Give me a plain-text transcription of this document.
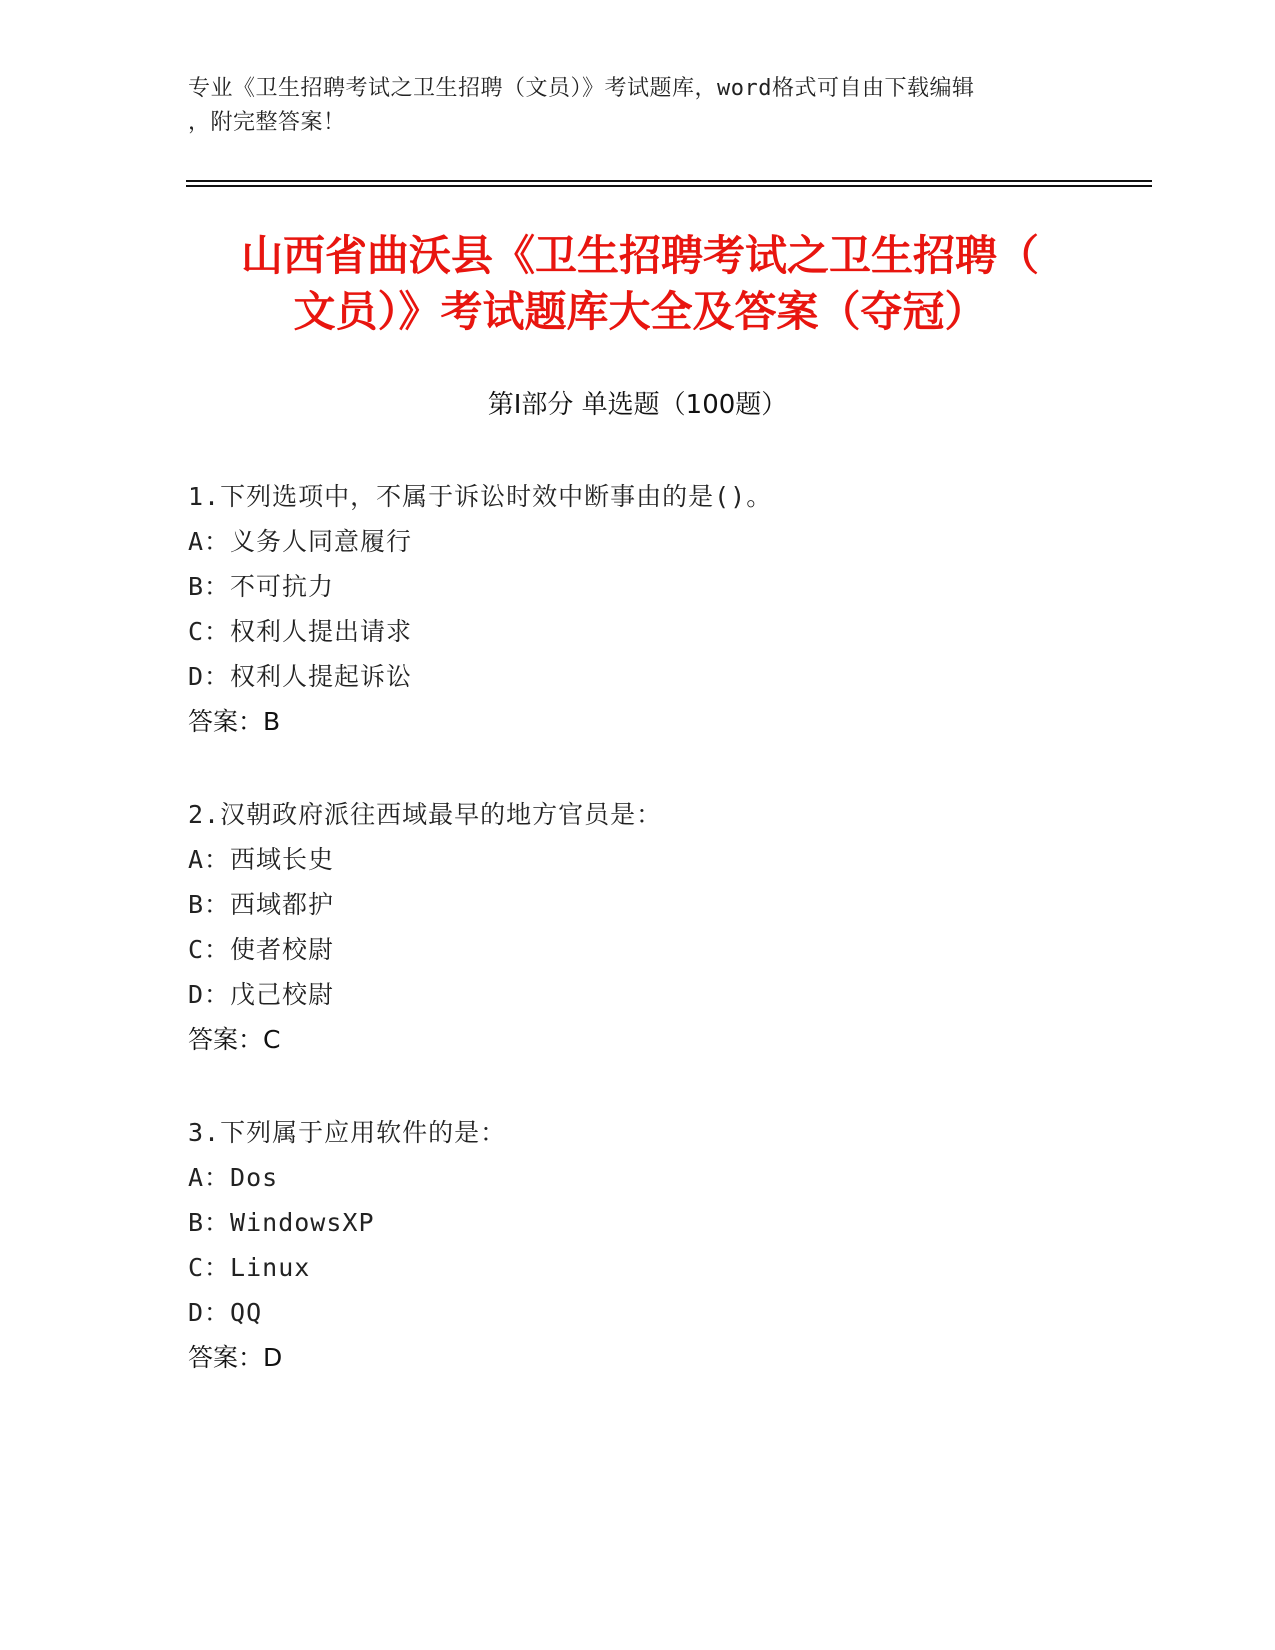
专业《卫生招聘考试之卫生招聘（文员）》考试题库，word格式可自由下载编辑
，附完整答案！
山西省曲沃县《卫生招聘考试之卫生招聘（
文员）》考试题库大全及答案（夺冠）
第Ⅰ部分 单选题（100题）
1.下列选项中，不属于诉讼时效中断事由的是()。
A：义务人同意履行
B：不可抗力
C：权利人提出请求
D：权利人提起诉讼
答案：B
2.汉朝政府派往西域最早的地方官员是：
A：西域长史
B：西域都护
C：使者校尉
D：戊己校尉
答案：C
3.下列属于应用软件的是：
A：Dos
B：WindowsXP
C：Linux
D：QQ
答案：D
